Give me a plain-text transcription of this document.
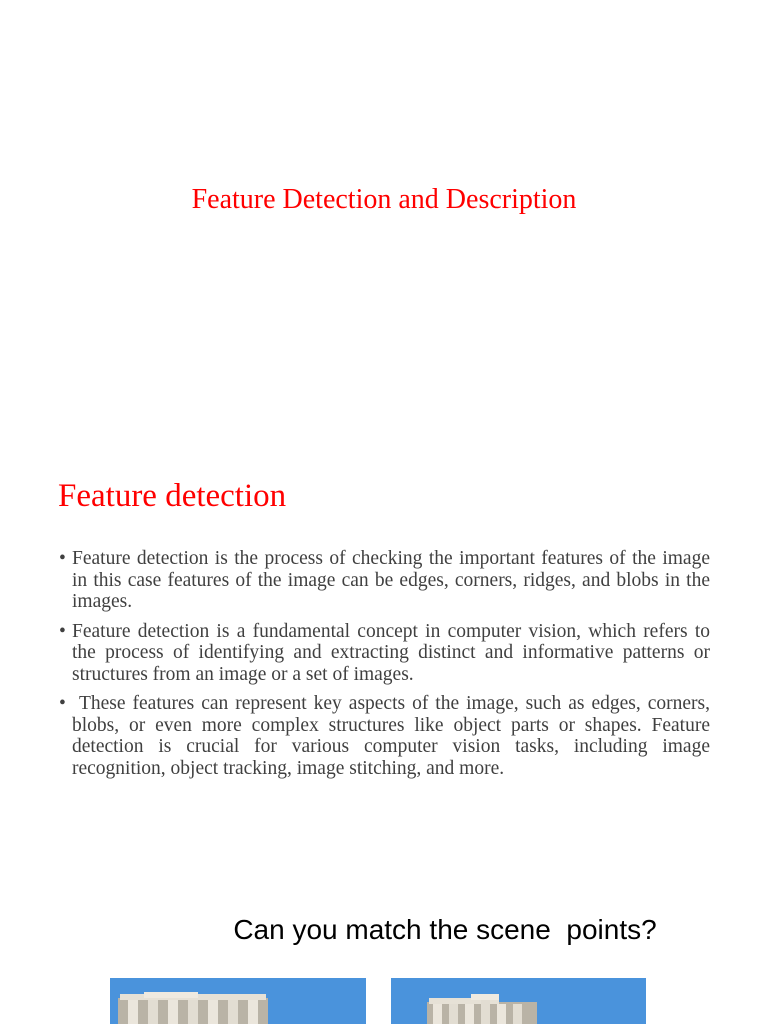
Feature Detection and Description
Feature detection
• Feature detection is the process of checking the important features of the image in this case features of the image can be edges, corners, ridges, and blobs in the images.
• Feature detection is a fundamental concept in computer vision, which refers to the process of identifying and extracting distinct and informative patterns or structures from an image or a set of images.
• These features can represent key aspects of the image, such as edges, corners, blobs, or even more complex structures like object parts or shapes. Feature detection is crucial for various computer vision tasks, including image recognition, object tracking, image stitching, and more.
Can you match the scene  points?
